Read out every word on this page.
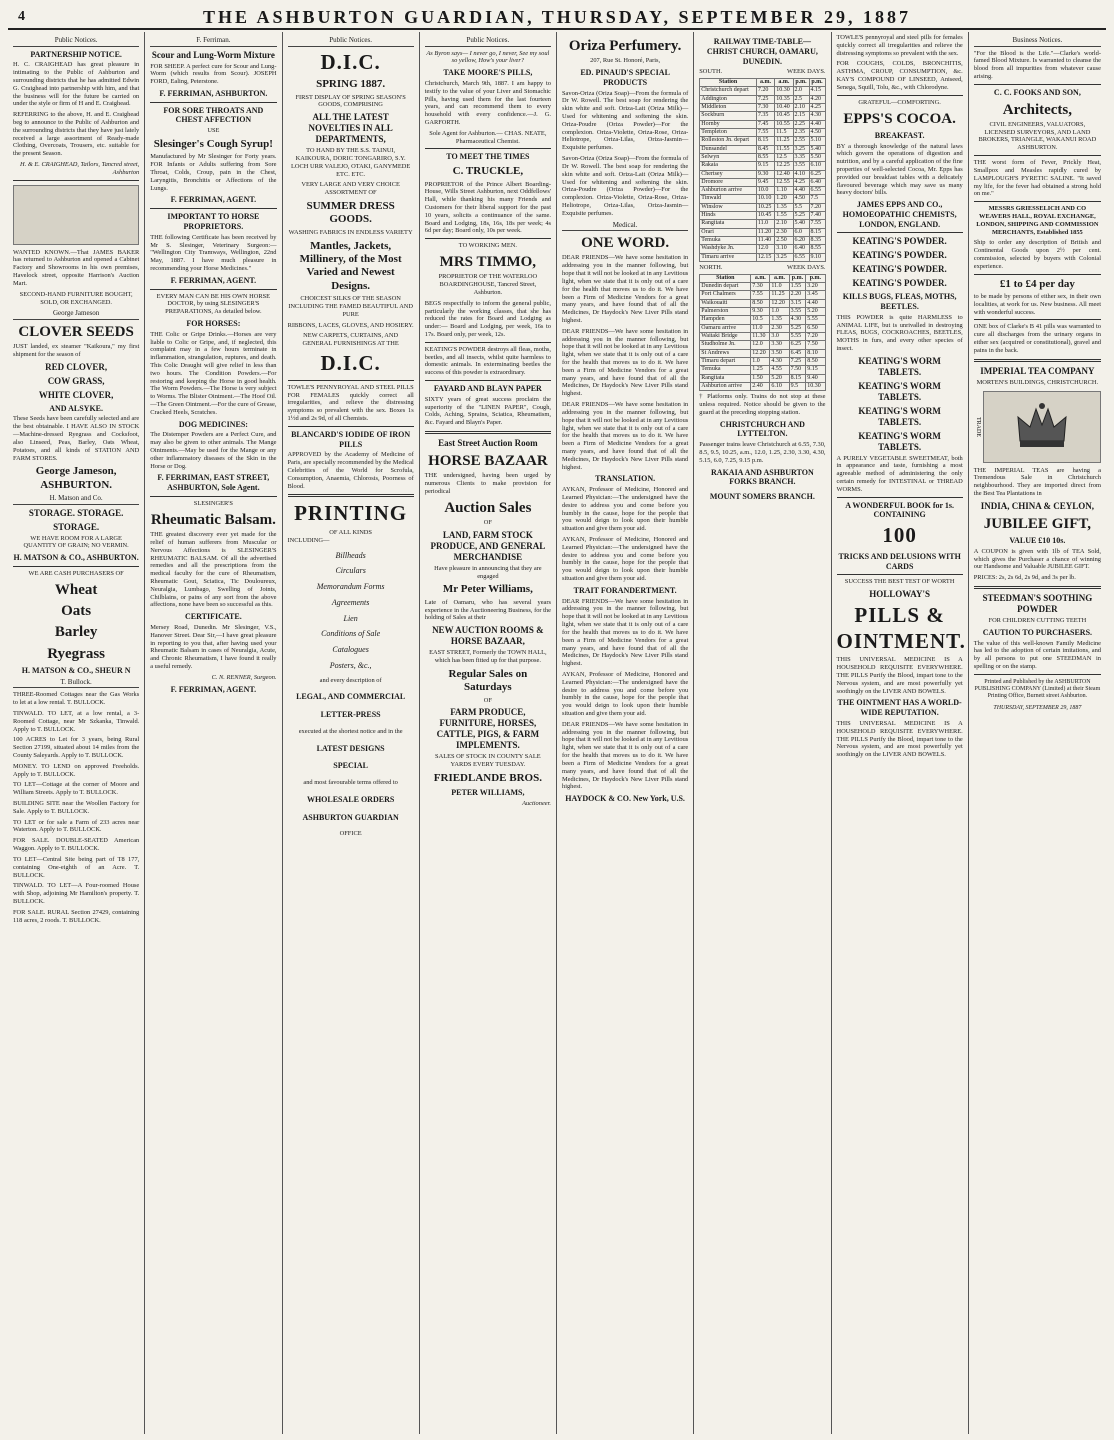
4	THE ASHBURTON GUARDIAN, THURSDAY, SEPTEMBER 29, 1887
Public Notices.
PARTNERSHIP NOTICE.

H. C. CRAIGHEAD has great pleasure in intimating to the Public of Ashburton and surrounding districts that he has admitted Edwin G. Craighead into partnership with him, and that the business will for the future be carried on under the style or firm of H and E. Craighead.

REFERRING to the above, H. and E. Craighead beg to announce to the Public of Ashburton and the surrounding districts that they have just lately received a large assortment of Ready-made Clothing, Overcoats, Trousers, etc. suitable for the present Season.

H. & E. CRAIGHEAD, Tailors, Tancred street, Ashburton

WANTED KNOWN.—That JAMES BAKER has returned to Ashburton and opened a Cabinet Factory and Showrooms in his own premises, Havelock street, opposite Harrison's Auction Mart.

SECOND-HAND FURNITURE BOUGHT, SOLD, OR EXCHANGED.

George Jameson
CLOVER SEEDS

JUST landed, ex steamer "Kaikoura," my first shipment for the season of

RED CLOVER,
COW GRASS,
WHITE CLOVER,
AND ALSYKE.

These Seeds have been carefully selected and are the best obtainable. I HAVE ALSO IN STOCK—Machine-dressed Ryegrass and Cocksfoot, also Linseed, Peas, Barley, Oats Wheat, Potatoes, and all kinds of STATION AND FARM STORES.

George Jameson, ASHBURTON.
H. Matson and Co.
STORAGE. STORAGE.
STORAGE.

WE HAVE ROOM FOR A LARGE QUANTITY OF GRAIN; NO VERMIN.

H. MATSON & CO., ASHBURTON.
WE ARE CASH PURCHASERS OF
Wheat
Oats
Barley
Ryegrass
H. MATSON & CO., SHEUR N
T. Bullock.

THREE-Roomed Cottages near the Gas Works to let at a low rental. T. BULLOCK.

TINWALD. TO LET, at a low rental, a 3-Roomed Cottage, near Mr Szkanka, Tinwald. Apply to T. BULLOCK.

100 ACRES to Let for 3 years, being Rural Section 27199, situated about 14 miles from the County Saleyards. Apply to T. BULLOCK.

MONEY. TO LEND on approved Freeholds. Apply to T. BULLOCK.

TO LET—Cottage at the corner of Moore and William Streets. Apply to T. BULLOCK.

BUILDING SITE near the Woollen Factory for Sale. Apply to T. BULLOCK.

TO LET or for sale a Farm of 233 acres near Waterton. Apply to T. BULLOCK.

FOR SALE. DOUBLE-SEATED American Waggon. Apply to T. BULLOCK.

TO LET—Central Site being part of T8 177, containing One-eighth of an Acre. T. BULLOCK.

TINWALD. TO LET—A Four-roomed House with Shop, adjoining Mr Hamilton's property. T. BULLOCK.

FOR SALE. RURAL Section 27429, containing 118 acres, 2 roods. T. BULLOCK.

F. Ferriman.
Scour and Lung-Worm Mixture

FOR SHEEP. A perfect cure for Scour and Lung-Worm (which results from Scour). JOSEPH FORD, Ealing, Peterstone.

F. FERRIMAN, ASHBURTON.
FOR SORE THROATS AND CHEST AFFECTION
USE
Slesinger's Cough Syrup!

Manufactured by Mr Slesinger for Forty years. FOR Infants or Adults suffering from Sore Throat, Colds, Croup, pain in the Chest, Laryngitis, Bronchitis or Affections of the Lungs.

F. FERRIMAN, AGENT.
IMPORTANT TO HORSE PROPRIETORS.

THE following Certificate has been received by Mr S. Slesinger, Veterinary Surgeon:— "Wellington City Tramways, Wellington, 22nd May, 1887. I have much pleasure in recommending your Horse Medicines."

F. FERRIMAN, AGENT.

EVERY MAN CAN BE HIS OWN HORSE DOCTOR, by using SLESINGER'S PREPARATIONS, As detailed below.

FOR HORSES:

THE Colic or Gripe Drinks.—Horses are very liable to Colic or Gripe, and, if neglected, this complaint may in a few hours terminate in inflammation, strangulation, ruptures, and death. This Colic Draught will give relief in less than two hours. The Condition Powders.—For restoring and keeping the Horse in good health. The Worm Powders.—The Horse is very subject to Worms. The Blister Ointment.—The Hoof Oil.—The Green Ointment.—For the cure of Grease, Cracked Heels, Scratches.

DOG MEDICINES:

The Distemper Powders are a Perfect Cure, and may also be given to other animals. The Mange Ointments.—May be used for the Mange or any other inflammatory diseases of the Skin in the Horse or Dog.

F. FERRIMAN, EAST STREET, ASHBURTON, Sole Agent.
SLESINGER'S
Rheumatic Balsam.

THE greatest discovery ever yet made for the relief of human sufferers from Muscular or Nervous Affections is SLESINGER'S RHEUMATIC BALSAM. Of all the advertised remedies and all the prescriptions from the medical faculty for the cure of Rheumatism, Rheumatic Gout, Sciatica, Tic Douloureux, Neuralgia, Lumbago, Swelling of Joints, Chilblains, or pains of any sort from the above affections, none have been so successful as this.

CERTIFICATE.

Mersey Road, Dunedin. Mr Slesinger, V.S., Hanover Street. Dear Sir,—I have great pleasure in reporting to you that, after having used your Rheumatic Balsam in cases of Neuralgia, Acute, and Chronic Rheumatism, I have found it really a useful remedy.

C. N. RENNER, Surgeon.
F. FERRIMAN, AGENT.
Public Notices.
D.I.C.
SPRING 1887.

FIRST DISPLAY OF SPRING SEASON'S GOODS, COMPRISING

ALL THE LATEST NOVELTIES IN ALL DEPARTMENTS,

TO HAND BY THE S.S. TAINUI, KAIKOURA, DORIC TONGARIRO, S.Y. LOCH URR VALEJO, OTAKI, GANYMEDE ETC. ETC.

VERY LARGE AND VERY CHOICE ASSORTMENT OF

SUMMER DRESS GOODS.

WASHING FABRICS IN ENDLESS VARIETY

Mantles, Jackets, Millinery, of the Most Varied and Newest Designs.

CHOICEST SILKS OF THE SEASON INCLUDING THE FAMED BEAUTIFUL AND PURE

RIBBONS, LACES, GLOVES, AND HOSIERY.

NEW CARPETS, CURTAINS, AND GENERAL FURNISHINGS AT THE

D.I.C.

TOWLE'S PENNYROYAL AND STEEL PILLS FOR FEMALES quickly correct all irregularities, and relieve the distressing symptoms so prevalent with the sex. Boxes 1s 1½d and 2s 9d, of all Chemists.

BLANCARD'S IODIDE OF IRON PILLS

APPROVED by the Academy of Medicine of Paris, are specially recommended by the Medical Celebrities of the World for Scrofula, Consumption, Anaemia, Chlorosis, Poorness of Blood.

PRINTING
OF ALL KINDS
INCLUDING—
Billheads
Circulars
Memorandum Forms
Agreements
Lien
Conditions of Sale
Catalogues
Posters, &c.,
and every description of
LEGAL, AND COMMERCIAL
LETTER-PRESS
executed at the shortest notice and in the
LATEST DESIGNS
SPECIAL
and most favourable terms offered to
WHOLESALE ORDERS
ASHBURTON GUARDIAN
OFFICE
Public Notices.

As Byron says— I never go, I never, See my soul so yellow, How's your liver?

TAKE MOORE'S PILLS,

Christchurch, March 9th, 1887. I am happy to testify to the value of your Liver and Stomachic Pills, having used them for the last fourteen years, and can recommend them to every household with every confidence.—J. G. GARFORTH.

Sole Agent for Ashburton.— CHAS. NEATE, Pharmaceutical Chemist.

TO MEET THE TIMES
C. TRUCKLE,

PROPRIETOR of the Prince Albert Boarding-House, Wills Street Ashburton, next Oddfellows' Hall, while thanking his many Friends and Customers for their liberal support for the past 10 years, solicits a continuance of the same. Board and Lodging, 18s, 16s, 18s per week; 4s 6d per day; Board only, 10s per week.

TO WORKING MEN.
MRS TIMMO,

PROPRIETOR OF THE WATERLOO BOARDINGHOUSE, Tancred Street, Ashburton.

BEGS respectfully to inform the general public, particularly the working classes, that she has reduced the rates for Board and Lodging as under:— Board and Lodging, per week, 16s to 17s. Board only, per week, 12s.

KEATING'S POWDER destroys all fleas, moths, beetles, and all insects, whilst quite harmless to domestic animals. In exterminating beetles the success of this powder is extraordinary.

FAYARD AND BLAYN PAPER

SIXTY years of great success proclaim the superiority of the "LINEN PAPER", Cough, Colds, Aching, Sprains, Sciatica, Rheumatism, &c. Fayard and Blayn's Paper.

East Street Auction Room
HORSE BAZAAR

THE undersigned, having been urged by numerous Clients to make provision for periodical

Auction Sales
OF
LAND, FARM STOCK PRODUCE, AND GENERAL MERCHANDISE

Have pleasure in announcing that they are engaged

Mr Peter Williams,

Late of Oamaru, who has several years experience in the Auctioneering Business, for the holding of Sales at their

NEW AUCTION ROOMS & HORSE BAZAAR,

EAST STREET, Formerly the TOWN HALL, which has been fitted up for that purpose.

Regular Sales on Saturdays
OF
FARM PRODUCE, FURNITURE, HORSES, CATTLE, PIGS, & FARM IMPLEMENTS.

SALES OF STOCK IN COUNTY SALE YARDS EVERY TUESDAY.

FRIEDLANDE BROS.
PETER WILLIAMS,
Auctioneer.
Oriza Perfumery.
207, Rue St. Honoré, Paris,
ED. PINAUD'S SPECIAL PRODUCTS

Savon-Oriza (Oriza Soap)—From the formula of Dr W. Rowell. The best soap for rendering the skin white and soft. Oriza-Lait (Oriza Milk)—Used for whitening and softening the skin. Oriza-Poudre (Oriza Powder)—For the complexion. Oriza-Violette, Oriza-Rose, Oriza-Heliotrope, Oriza-Lilas, Oriza-Jasmin—Exquisite perfumes.

Savon-Oriza (Oriza Soap)—From the formula of Dr W. Rowell. The best soap for rendering the skin white and soft. Oriza-Lait (Oriza Milk)—Used for whitening and softening the skin. Oriza-Poudre (Oriza Powder)—For the complexion. Oriza-Violette, Oriza-Rose, Oriza-Heliotrope, Oriza-Lilas, Oriza-Jasmin—Exquisite perfumes.

Medical.
ONE WORD.

DEAR FRIENDS—We have some hesitation in addressing you in the manner following, but hope that it will not be looked at in any Levitious light, when we state that it is only out of a care for the health that moves us to do it. We have been a Firm of Medicine Vendors for a great many years, and have found that of all the Medicines, Dr Haydock's New Liver Pills stand highest.

DEAR FRIENDS—We have some hesitation in addressing you in the manner following, but hope that it will not be looked at in any Levitious light, when we state that it is only out of a care for the health that moves us to do it. We have been a Firm of Medicine Vendors for a great many years, and have found that of all the Medicines, Dr Haydock's New Liver Pills stand highest.

DEAR FRIENDS—We have some hesitation in addressing you in the manner following, but hope that it will not be looked at in any Levitious light, when we state that it is only out of a care for the health that moves us to do it. We have been a Firm of Medicine Vendors for a great many years, and have found that of all the Medicines, Dr Haydock's New Liver Pills stand highest.

TRANSLATION.

AYKAN, Professor of Medicine, Honored and Learned Physician:—The undersigned have the desire to address you and come before you humbly in the cause, hope for the people that you would deign to look upon their humble situation and give them your aid.

AYKAN, Professor of Medicine, Honored and Learned Physician:—The undersigned have the desire to address you and come before you humbly in the cause, hope for the people that you would deign to look upon their humble situation and give them your aid.

TRAIT FORANDERTMENT.

DEAR FRIENDS—We have some hesitation in addressing you in the manner following, but hope that it will not be looked at in any Levitious light, when we state that it is only out of a care for the health that moves us to do it. We have been a Firm of Medicine Vendors for a great many years, and have found that of all the Medicines, Dr Haydock's New Liver Pills stand highest.

AYKAN, Professor of Medicine, Honored and Learned Physician:—The undersigned have the desire to address you and come before you humbly in the cause, hope for the people that you would deign to look upon their humble situation and give them your aid.

DEAR FRIENDS—We have some hesitation in addressing you in the manner following, but hope that it will not be looked at in any Levitious light, when we state that it is only out of a care for the health that moves us to do it. We have been a Firm of Medicine Vendors for a great many years, and have found that of all the Medicines, Dr Haydock's New Liver Pills stand highest.

HAYDOCK & CO. New York, U.S.
RAILWAY TIME-TABLE—CHRIST CHURCH, OAMARU, DUNEDIN.
SOUTH.	WEEK DAYS.
Station	a.m.	a.m.	p.m.	p.m.
Christchurch depart	7.20	10.30	2.0	4.15
Addington	7.25	10.35	2.5	4.20
Middleton	7.30	10.40	2.10	4.25
Sockburn	7.35	10.45	2.15	4.30
Hornby	7.45	10.55	2.25	4.40
Templeton	7.55	11.5	2.35	4.50
Rolleston Jn. depart	8.15	11.25	2.55	5.10
Dunsandel	8.45	11.55	3.25	5.40
Selwyn	8.55	12.5	3.35	5.50
Rakaia	9.15	12.25	3.55	6.10
Chertsey	9.30	12.40	4.10	6.25
Dromore	9.45	12.55	4.25	6.40
Ashburton arrive	10.0	1.10	4.40	6.55
Tinwald	10.10	1.20	4.50	7.5
Winslow	10.25	1.35	5.5	7.20
Hinds	10.45	1.55	5.25	7.40
Rangitata	11.0	2.10	5.40	7.55
Orari	11.20	2.30	6.0	8.15
Temuka	11.40	2.50	6.20	8.35
Washdyke Jn.	12.0	3.10	6.40	8.55
Timaru arrive	12.15	3.25	6.55	9.10
NORTH.	WEEK DAYS.
Station	a.m.	a.m.	p.m.	p.m.
Dunedin depart	7.30	11.0	1.55	3.20
Port Chalmers	7.55	11.25	2.20	3.45
Waikouaiti	8.50	12.20	3.15	4.40
Palmerston	9.30	1.0	3.55	5.20
Hampden	10.5	1.35	4.30	5.55
Oamaru arrive	11.0	2.30	5.25	6.50
Waitaki Bridge	11.30	3.0	5.55	7.20
Studholme Jn.	12.0	3.30	6.25	7.50
St Andrews	12.20	3.50	6.45	8.10
Timaru depart	1.0	4.30	7.25	8.50
Temuka	1.25	4.55	7.50	9.15
Rangitata	1.50	5.20	8.15	9.40
Ashburton arrive	2.40	6.10	9.5	10.30

† Platforms only. Trains do not stop at these unless required. Notice should be given to the guard at the preceding stopping station.

CHRISTCHURCH AND LYTTELTON.

Passenger trains leave Christchurch at 6.55, 7.30, 8.5, 9.5, 10.25, a.m., 12.0, 1.25, 2.30, 3.30, 4.30, 5.15, 6.0, 7.25, 9.15 p.m.

RAKAIA AND ASHBURTON FORKS BRANCH.
MOUNT SOMERS BRANCH.

TOWLE'S pennyroyal and steel pills for females quickly correct all irregularities and relieve the distressing symptoms so prevalent with the sex.

FOR COUGHS, COLDS, BRONCHITIS, ASTHMA, CROUP, CONSUMPTION, &c. KAY'S COMPOUND OF LINSEED, Aniseed, Senega, Squill, Tolu, &c., with Chlorodyne.

GRATEFUL—COMFORTING.
EPPS'S COCOA.
BREAKFAST.

BY a thorough knowledge of the natural laws which govern the operations of digestion and nutrition, and by a careful application of the fine properties of well-selected Cocoa, Mr. Epps has provided our breakfast tables with a delicately flavoured beverage which may save us many heavy doctors' bills.

JAMES EPPS AND CO., HOMOEOPATHIC CHEMISTS, LONDON, ENGLAND.
KEATING'S POWDER.
KEATING'S POWDER.
KEATING'S POWDER.
KEATING'S POWDER.
KILLS BUGS, FLEAS, MOTHS, BEETLES.

THIS POWDER is quite HARMLESS to ANIMAL LIFE, but is unrivalled in destroying FLEAS, BUGS, COCKROACHES, BEETLES, MOTHS in furs, and every other species of insect.

KEATING'S WORM TABLETS.
KEATING'S WORM TABLETS.
KEATING'S WORM TABLETS.
KEATING'S WORM TABLETS.

A PURELY VEGETABLE SWEETMEAT, both in appearance and taste, furnishing a most agreeable method of administering the only certain remedy for INTESTINAL or THREAD WORMS.

A WONDERFUL BOOK for 1s. CONTAINING
100
TRICKS AND DELUSIONS WITH CARDS
SUCCESS THE BEST TEST OF WORTH
HOLLOWAY'S
PILLS & OINTMENT.

THIS UNIVERSAL MEDICINE IS A HOUSEHOLD REQUISITE EVERYWHERE. THE PILLS Purify the Blood, impart tone to the Nervous system, and are most powerfully yet soothingly on the LIVER AND BOWELS.

THE OINTMENT HAS A WORLD-WIDE REPUTATION.

THIS UNIVERSAL MEDICINE IS A HOUSEHOLD REQUISITE EVERYWHERE. THE PILLS Purify the Blood, impart tone to the Nervous system, and are most powerfully yet soothingly on the LIVER AND BOWELS.

Business Notices.

"For the Blood is the Life."—Clarke's world-famed Blood Mixture. Is warranted to cleanse the blood from all impurities from whatever cause arising.

C. C. FOOKS AND SON,
Architects,

CIVIL ENGINEERS, VALUATORS, LICENSED SURVEYORS, AND LAND BROKERS, TRIANGLE, WAKANUI ROAD ASHBURTON.

THE worst form of Fever, Prickly Heat, Smallpox and Measles rapidly cured by LAMPLOUGH'S PYRETIC SALINE. "It saved my life, for the fever had obtained a strong hold on me."

MESSRS GRIESSELICH AND CO WEAVERS HALL, ROYAL EXCHANGE, LONDON, SHIPPING AND COMMISSION MERCHANTS, Established 1855

Ship to order any description of British and Continental Goods upon 2½ per cent. commission, selected by buyers with Colonial experience.

£1 to £4 per day

to be made by persons of either sex, in their own localities, at work for us. New business. All meet with wonderful success.

ONE box of Clarke's B 41 pills was warranted to cure all discharges from the urinary organs in either sex (acquired or constitutional), gravel and pains in the back.

IMPERIAL TEA COMPANY
MORTEN'S BUILDINGS, CHRISTCHURCH.
TRADE

THE IMPERIAL TEAS are having a Tremendous Sale in Christchurch neighbourhood. They are imported direct from the Best Tea Plantations in

INDIA, CHINA & CEYLON,
JUBILEE GIFT,
VALUE £10 10s.

A COUPON is given with 1lb of TEA Sold, which gives the Purchaser a chance of winning our Handsome and Valuable JUBILEE GIFT.

PRICES: 2s, 2s 6d, 2s 9d, and 3s per lb.

STEEDMAN'S SOOTHING POWDER
FOR CHILDREN CUTTING TEETH
CAUTION TO PURCHASERS.

The value of this well-known Family Medicine has led to the adoption of certain imitations, and by all persons to put one STEEDMAN in spelling or on the stamp.

Printed and Published by the ASHBURTON PUBLISHING COMPANY (Limited) at their Steam Printing Office, Burnett street Ashburton.
THURSDAY, SEPTEMBER 29, 1887
